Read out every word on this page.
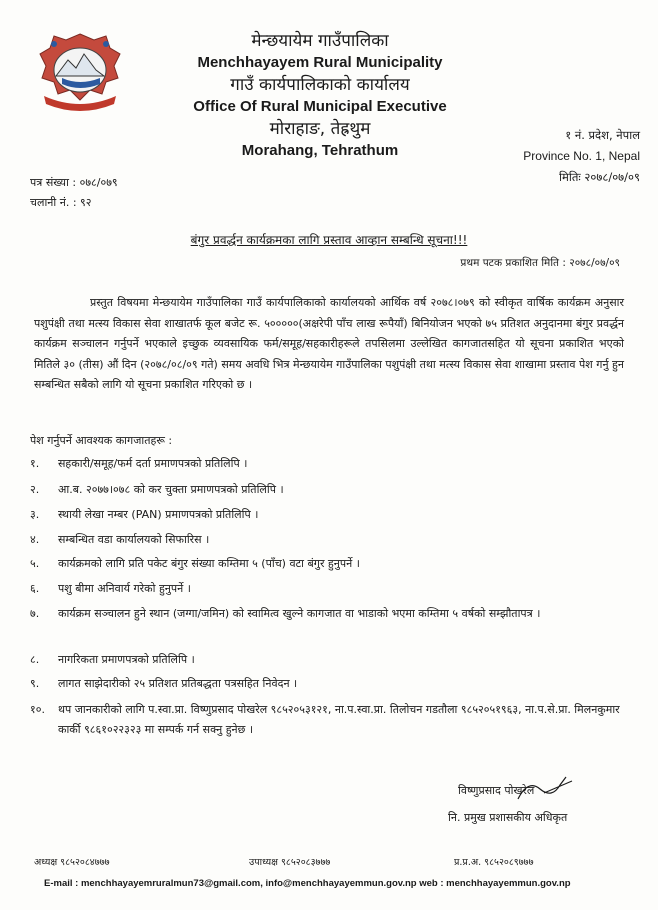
मेन्छयायेम गाउँपालिका
Menchhayayem Rural Municipality
गाउँ कार्यपालिकाको कार्यालय
Office Of Rural Municipal Executive
मोराहाङ, तेह्रथुम
Morahang, Tehrathum
१ नं. प्रदेश, नेपाल
Province No. 1, Nepal
मितिः २०७८/०७/०९
पत्र संख्या : ०७८/०७९
चलानी नं. : ९२
बंगुर प्रवर्द्धन कार्यक्रमका लागि प्रस्ताव आव्हान सम्बन्धि सूचना!!!
प्रथम पटक प्रकाशित मिति : २०७८/०७/०९
प्रस्तुत विषयमा मेन्छयायेम गाउँपालिका गाउँ कार्यपालिकाको कार्यालयको आर्थिक वर्ष २०७८।०७९ को स्वीकृत वार्षिक कार्यक्रम अनुसार पशुपंक्षी तथा मत्स्य विकास सेवा शाखातर्फ कूल बजेट रू. ५०००००(अक्षरेपी पाँच लाख रूपैयाँ) बिनियोजन भएको ७५ प्रतिशत अनुदानमा बंगुर प्रवर्द्धन कार्यक्रम सञ्चालन गर्नुपर्ने भएकाले इच्छुक व्यवसायिक फर्म/समूह/सहकारीहरूले तपसिलमा उल्लेखित कागजातसहित यो सूचना प्रकाशित भएको मितिले ३० (तीस) औं दिन (२०७८/०८/०९ गते) समय अवधि भित्र मेन्छयायेम गाउँपालिका पशुपंक्षी तथा मत्स्य विकास सेवा शाखामा प्रस्ताव पेश गर्नु हुन सम्बन्धित सबैको लागि यो सूचना प्रकाशित गरिएको छ ।
पेश गर्नुपर्ने आवश्यक कागजातहरू :
१.	सहकारी/समूह/फर्म दर्ता प्रमाणपत्रको प्रतिलिपि ।
२.	आ.ब. २०७७।०७८ को कर चुक्ता प्रमाणपत्रको प्रतिलिपि ।
३.	स्थायी लेखा नम्बर (PAN) प्रमाणपत्रको प्रतिलिपि ।
४.	सम्बन्धित वडा कार्यालयको सिफारिस ।
५.	कार्यक्रमको लागि प्रति पकेट बंगुर संख्या कम्तिमा ५ (पाँच) वटा बंगुर हुनुपर्ने ।
६.	पशु बीमा अनिवार्य गरेको हुनुपर्ने ।
७.	कार्यक्रम सञ्चालन हुने स्थान (जग्गा/जमिन) को स्वामित्व खुल्ने कागजात वा भाडाको भएमा कम्तिमा ५ वर्षको सम्झौतापत्र ।
८.	नागरिकता प्रमाणपत्रको प्रतिलिपि ।
९.	लागत साझेदारीको २५ प्रतिशत प्रतिबद्धता पत्रसहित निवेदन ।
१०.	थप जानकारीको लागि प.स्वा.प्रा. विष्णुप्रसाद पोखरेल ९८५२०५३१२१, ना.प.स्वा.प्रा. तिलोचन गडतौला ९८५२०५१९६३, ना.प.से.प्रा. मिलनकुमार कार्की ९८६१०२२३२३ मा सम्पर्क गर्न सक्नु हुनेछ ।
विष्णुप्रसाद पोखरेल
नि. प्रमुख प्रशासकीय अधिकृत
अध्यक्ष ९८५२०८४७७७	उपाध्यक्ष ९८५२०८३७७७	प्र.प्र.अ. ९८५२०८९७७७
E-mail : menchhayayemruralmun73@gmail.com, info@menchhayayemmun.gov.np web : menchhayayemmun.gov.np
